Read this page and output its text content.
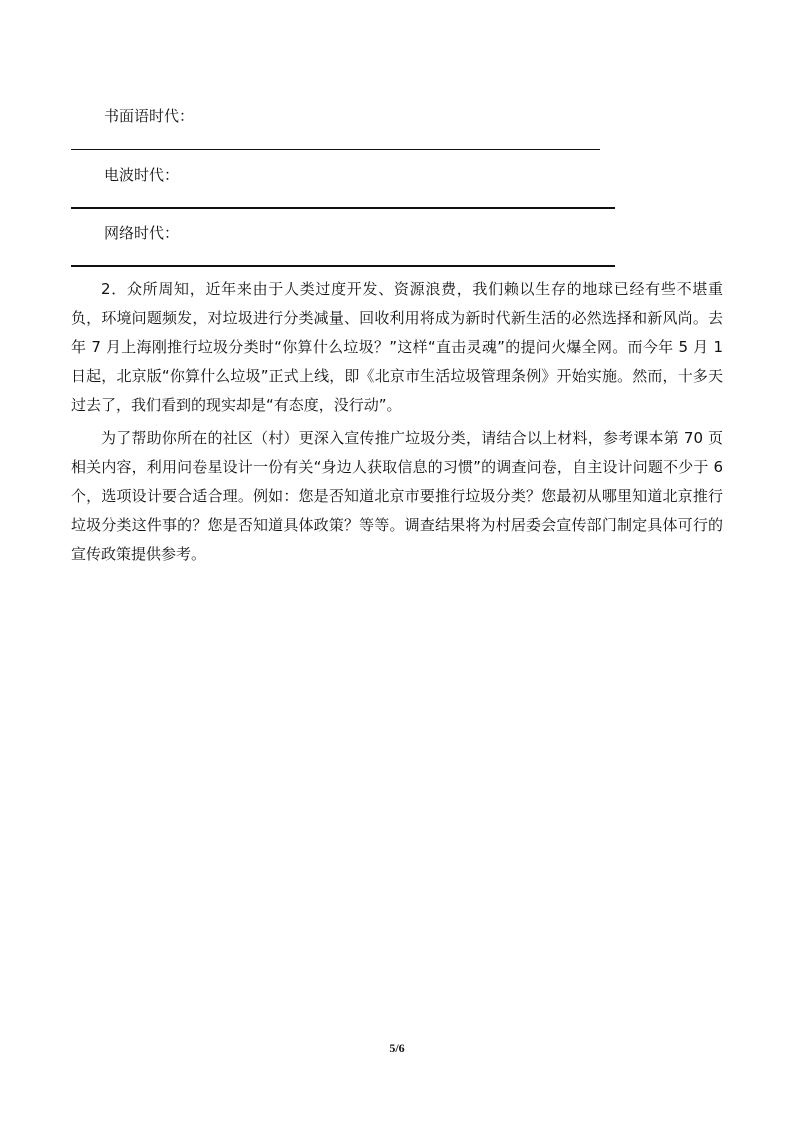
书面语时代：
电波时代：
网络时代：

2．众所周知，近年来由于人类过度开发、资源浪费，我们赖以生存的地球已经有些不堪重负，环境问题频发，对垃圾进行分类减量、回收利用将成为新时代新生活的必然选择和新风尚。去年 7 月上海刚推行垃圾分类时“你算什么垃圾？”这样“直击灵魂”的提问火爆全网。而今年 5 月 1 日起，北京版“你算什么垃圾”正式上线，即《北京市生活垃圾管理条例》开始实施。然而，十多天过去了，我们看到的现实却是“有态度，没行动”。

为了帮助你所在的社区（村）更深入宣传推广垃圾分类，请结合以上材料，参考课本第 70 页相关内容，利用问卷星设计一份有关“身边人获取信息的习惯”的调查问卷，自主设计问题不少于 6 个，选项设计要合适合理。例如：您是否知道北京市要推行垃圾分类？您最初从哪里知道北京推行垃圾分类这件事的？您是否知道具体政策？等等。调查结果将为村居委会宣传部门制定具体可行的宣传政策提供参考。

5/6
